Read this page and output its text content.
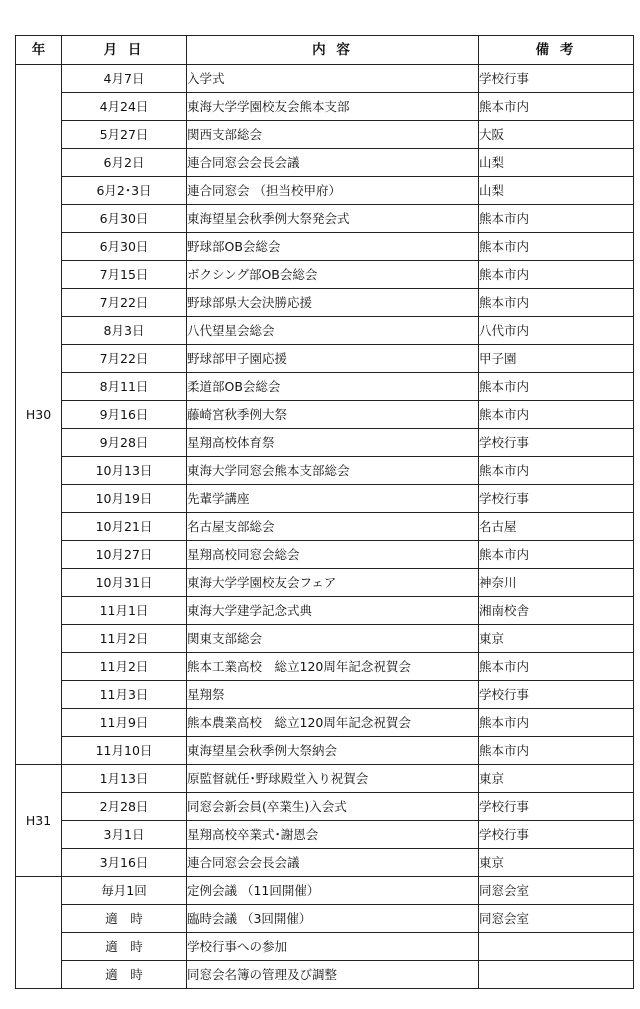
年	月 日	内 容	備 考
H30	4月7日	入学式	学校行事
	4月24日	東海大学学園校友会熊本支部	熊本市内
	5月27日	関西支部総会	大阪
	6月2日	連合同窓会会長会議	山梨
	6月2･3日	連合同窓会 （担当校甲府）	山梨
	6月30日	東海望星会秋季例大祭発会式	熊本市内
	6月30日	野球部OB会総会	熊本市内
	7月15日	ボクシング部OB会総会	熊本市内
	7月22日	野球部県大会決勝応援	熊本市内
	8月3日	八代望星会総会	八代市内
	7月22日	野球部甲子園応援	甲子園
	8月11日	柔道部OB会総会	熊本市内
	9月16日	藤崎宮秋季例大祭	熊本市内
	9月28日	星翔高校体育祭	学校行事
	10月13日	東海大学同窓会熊本支部総会	熊本市内
	10月19日	先輩学講座	学校行事
	10月21日	名古屋支部総会	名古屋
	10月27日	星翔高校同窓会総会	熊本市内
	10月31日	東海大学学園校友会フェア	神奈川
	11月1日	東海大学建学記念式典	湘南校舎
	11月2日	関東支部総会	東京
	11月2日	熊本工業高校　総立120周年記念祝賀会	熊本市内
	11月3日	星翔祭	学校行事
	11月9日	熊本農業高校　総立120周年記念祝賀会	熊本市内
	11月10日	東海望星会秋季例大祭納会	熊本市内
H31	1月13日	原監督就任･野球殿堂入り祝賀会	東京
	2月28日	同窓会新会員(卒業生)入会式	学校行事
	3月1日	星翔高校卒業式･謝恩会	学校行事
	3月16日	連合同窓会会長会議	東京
	毎月1回	定例会議 （11回開催）	同窓会室
	適　時	臨時会議 （3回開催）	同窓会室
	適　時	学校行事への参加	
	適　時	同窓会名簿の管理及び調整	
